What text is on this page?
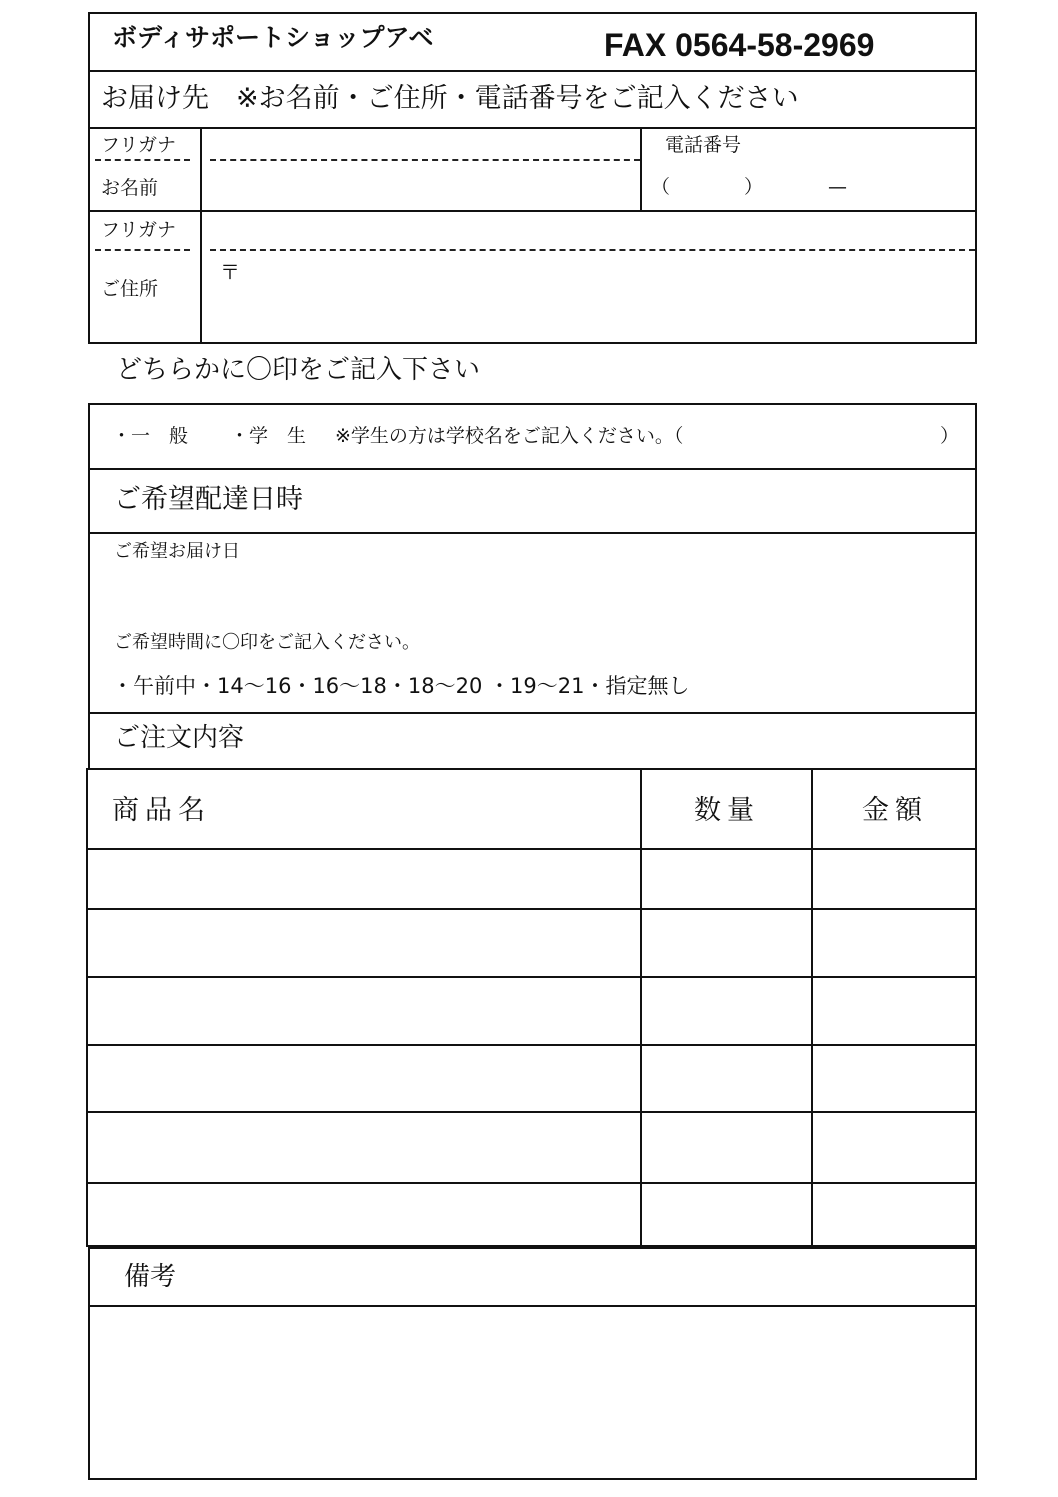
ボディサポートショップアベ	FAX 0564-58-2969
お届け先　※お名前・ご住所・電話番号をご記入ください
フリガナ
お名前
電話番号
（	）	—
フリガナ
ご住所
〒
どちらかに〇印をご記入下さい
・一　般 ・学　生 ※学生の方は学校名をご記入ください。（	）
ご希望配達日時
ご希望お届け日
ご希望時間に〇印をご記入ください。
・午前中・14～16・16～18・18～20 ・19～21・指定無し
ご注文内容
商品名	数量	金額
備考
